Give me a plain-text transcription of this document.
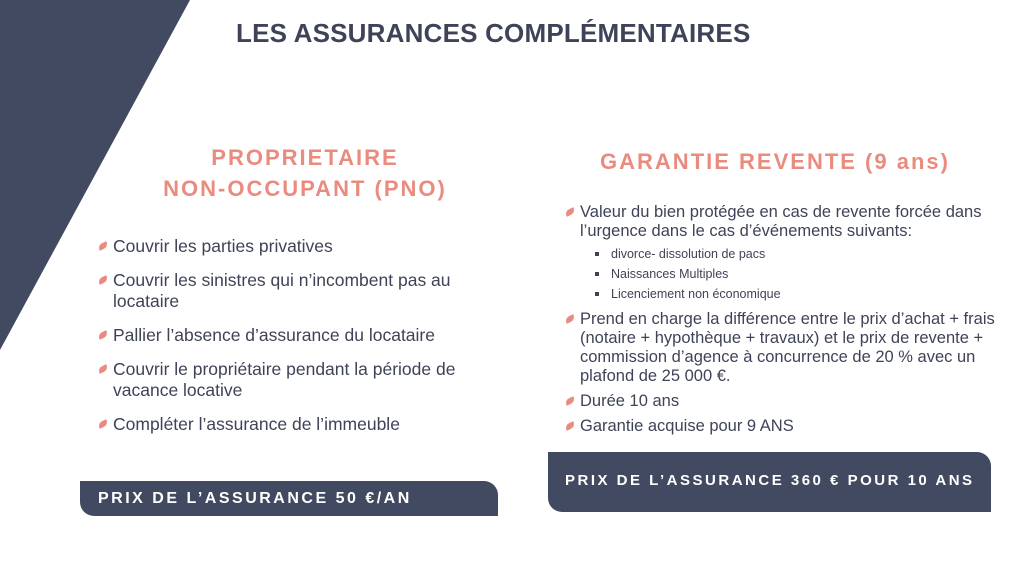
LES ASSURANCES COMPLÉMENTAIRES
PROPRIETAIRE
NON-OCCUPANT (PNO)
Couvrir les parties privatives
Couvrir les sinistres qui n’incombent pas au locataire
Pallier l’absence d’assurance du locataire
Couvrir le propriétaire pendant la période de vacance locative
Compléter l’assurance de l’immeuble
PRIX DE L’ASSURANCE 50 €/AN
GARANTIE REVENTE (9 ans)
Valeur du bien protégée en cas de revente forcée dans l’urgence dans le cas d’événements suivants:
divorce- dissolution de pacs
Naissances Multiples
Licenciement non économique
Prend en charge la différence entre le prix d’achat + frais (notaire + hypothèque + travaux) et le prix de revente + commission d’agence à concurrence de 20 % avec un plafond de 25 000 €.
Durée 10 ans
Garantie acquise pour 9 ANS
PRIX DE L’ASSURANCE 360 € POUR 10 ANS
